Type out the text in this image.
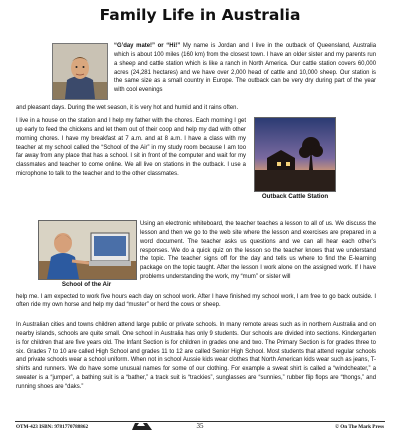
Family Life in Australia

“G’day mate!” or “Hi!” My name is Jordan and I live in the outback of Queensland, Australia which is about 100 miles (160 km) from the closest town. I have an older sister and my parents run a sheep and cattle station which is like a ranch in North America. Our cattle station covers 60,000 acres (24,281 hectares) and we have over 2,000 head of cattle and 10,000 sheep. Our station is the same size as a small country in Europe. The outback can be very dry during part of the year with cool evenings

and pleasant days. During the wet season, it is very hot and humid and it rains often.

I live in a house on the station and I help my father with the chores. Each morning I get up early to feed the chickens and let them out of their coop and help my dad with other morning chores. I have my breakfast at 7 a.m. and at 8 a.m. I have a class with my teacher at my school called the “School of the Air” in my study room because I am too far away from any place that has a school. I sit in front of the computer and wait for my classmates and teacher to come online. We all live on stations in the outback. I use a microphone to talk to the teacher and to the other classmates.

Outback Cattle Station

School of the Air

Using an electronic whiteboard, the teacher teaches a lesson to all of us. We discuss the lesson and then we go to the web site where the lesson and exercises are prepared in a word document. The teacher asks us questions and we can all hear each other’s responses. We do a quick quiz on the lesson so the teacher knows that we understand the topic. The teacher signs off for the day and tells us where to find the E-learning package on the topic taught. After the lesson I work alone on the assigned work. If I have problems understanding the work, my “mum” or sister will

help me. I am expected to work five hours each day on school work. After I have finished my school work, I am free to go back outside. I often ride my own horse and help my dad “muster” or herd the cows or sheep.

In Australian cities and towns children attend large public or private schools. In many remote areas such as in northern Australia and on nearby islands, schools are quite small. One school in Australia has only 9 students. Our schools are divided into sections. Kindergarten is for children that are five years old. The Infant Section is for children in grades one and two. The Primary Section is for grades three to six. Grades 7 to 10 are called High School and grades 11 to 12 are called Senior High School. Most students that attend regular schools and private schools wear a school uniform. When not in school Aussie kids wear clothes that North American kids wear such as jeans, T-shirts and runners. We do have some unusual names for some of our clothing. For example a sweat shirt is called a “windcheater,” a sweater is a “jumper”, a bathing suit is a “bather,” a track suit is “trackies”, sunglasses are “sunnies,” rubber flip flops are “thongs,” and running shoes are “daks.”

OTM-423 ISBN: 9781770788862	35	© On The Mark Press
